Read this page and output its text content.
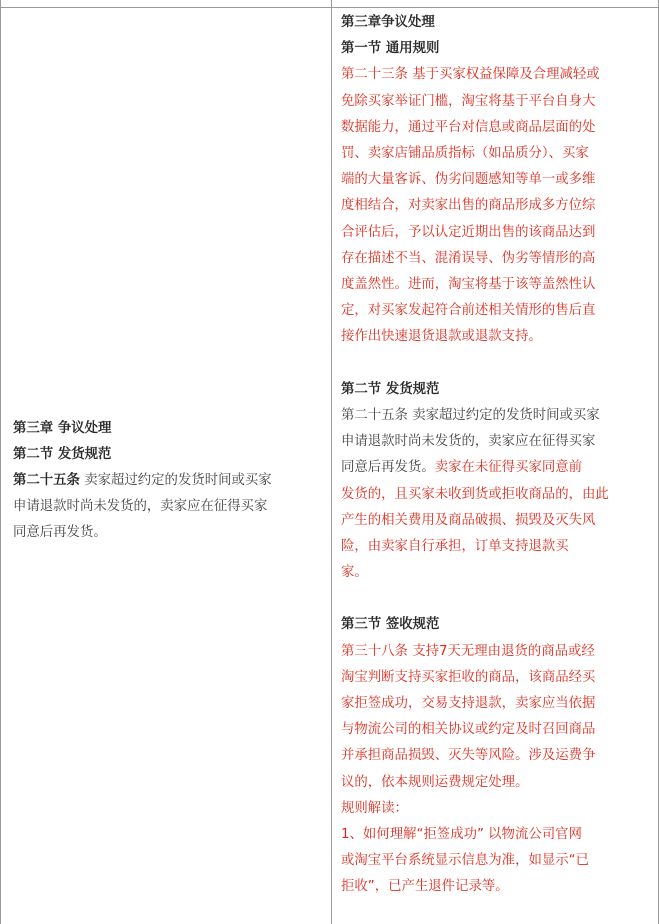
第三章 争议处理
第二节 发货规范
第二十五条 卖家超过约定的发货时间或买家
申请退款时尚未发货的，卖家应在征得买家
同意后再发货。
第三章争议处理
第一节 通用规则
第二十三条 基于买家权益保障及合理减轻或
免除买家举证门槛，淘宝将基于平台自身大
数据能力，通过平台对信息或商品层面的处
罚、卖家店铺品质指标（如品质分）、买家
端的大量客诉、伪劣问题感知等单一或多维
度相结合，对卖家出售的商品形成多方位综
合评估后，予以认定近期出售的该商品达到
存在描述不当、混淆误导、伪劣等情形的高
度盖然性。进而，淘宝将基于该等盖然性认
定，对买家发起符合前述相关情形的售后直
接作出快速退货退款或退款支持。
第二节 发货规范
第二十五条 卖家超过约定的发货时间或买家
申请退款时尚未发货的，卖家应在征得买家
同意后再发货。卖家在未征得买家同意前
发货的，且买家未收到货或拒收商品的，由此
产生的相关费用及商品破损、损毁及灭失风
险，由卖家自行承担，订单支持退款买
家。
第三节 签收规范
第三十八条 支持7天无理由退货的商品或经
淘宝判断支持买家拒收的商品，该商品经买
家拒签成功，交易支持退款，卖家应当依据
与物流公司的相关协议或约定及时召回商品
并承担商品损毁、灭失等风险。涉及运费争
议的，依本规则运费规定处理。
规则解读：
1、如何理解“拒签成功” 以物流公司官网
或淘宝平台系统显示信息为准，如显示“已
拒收”，已产生退件记录等。
